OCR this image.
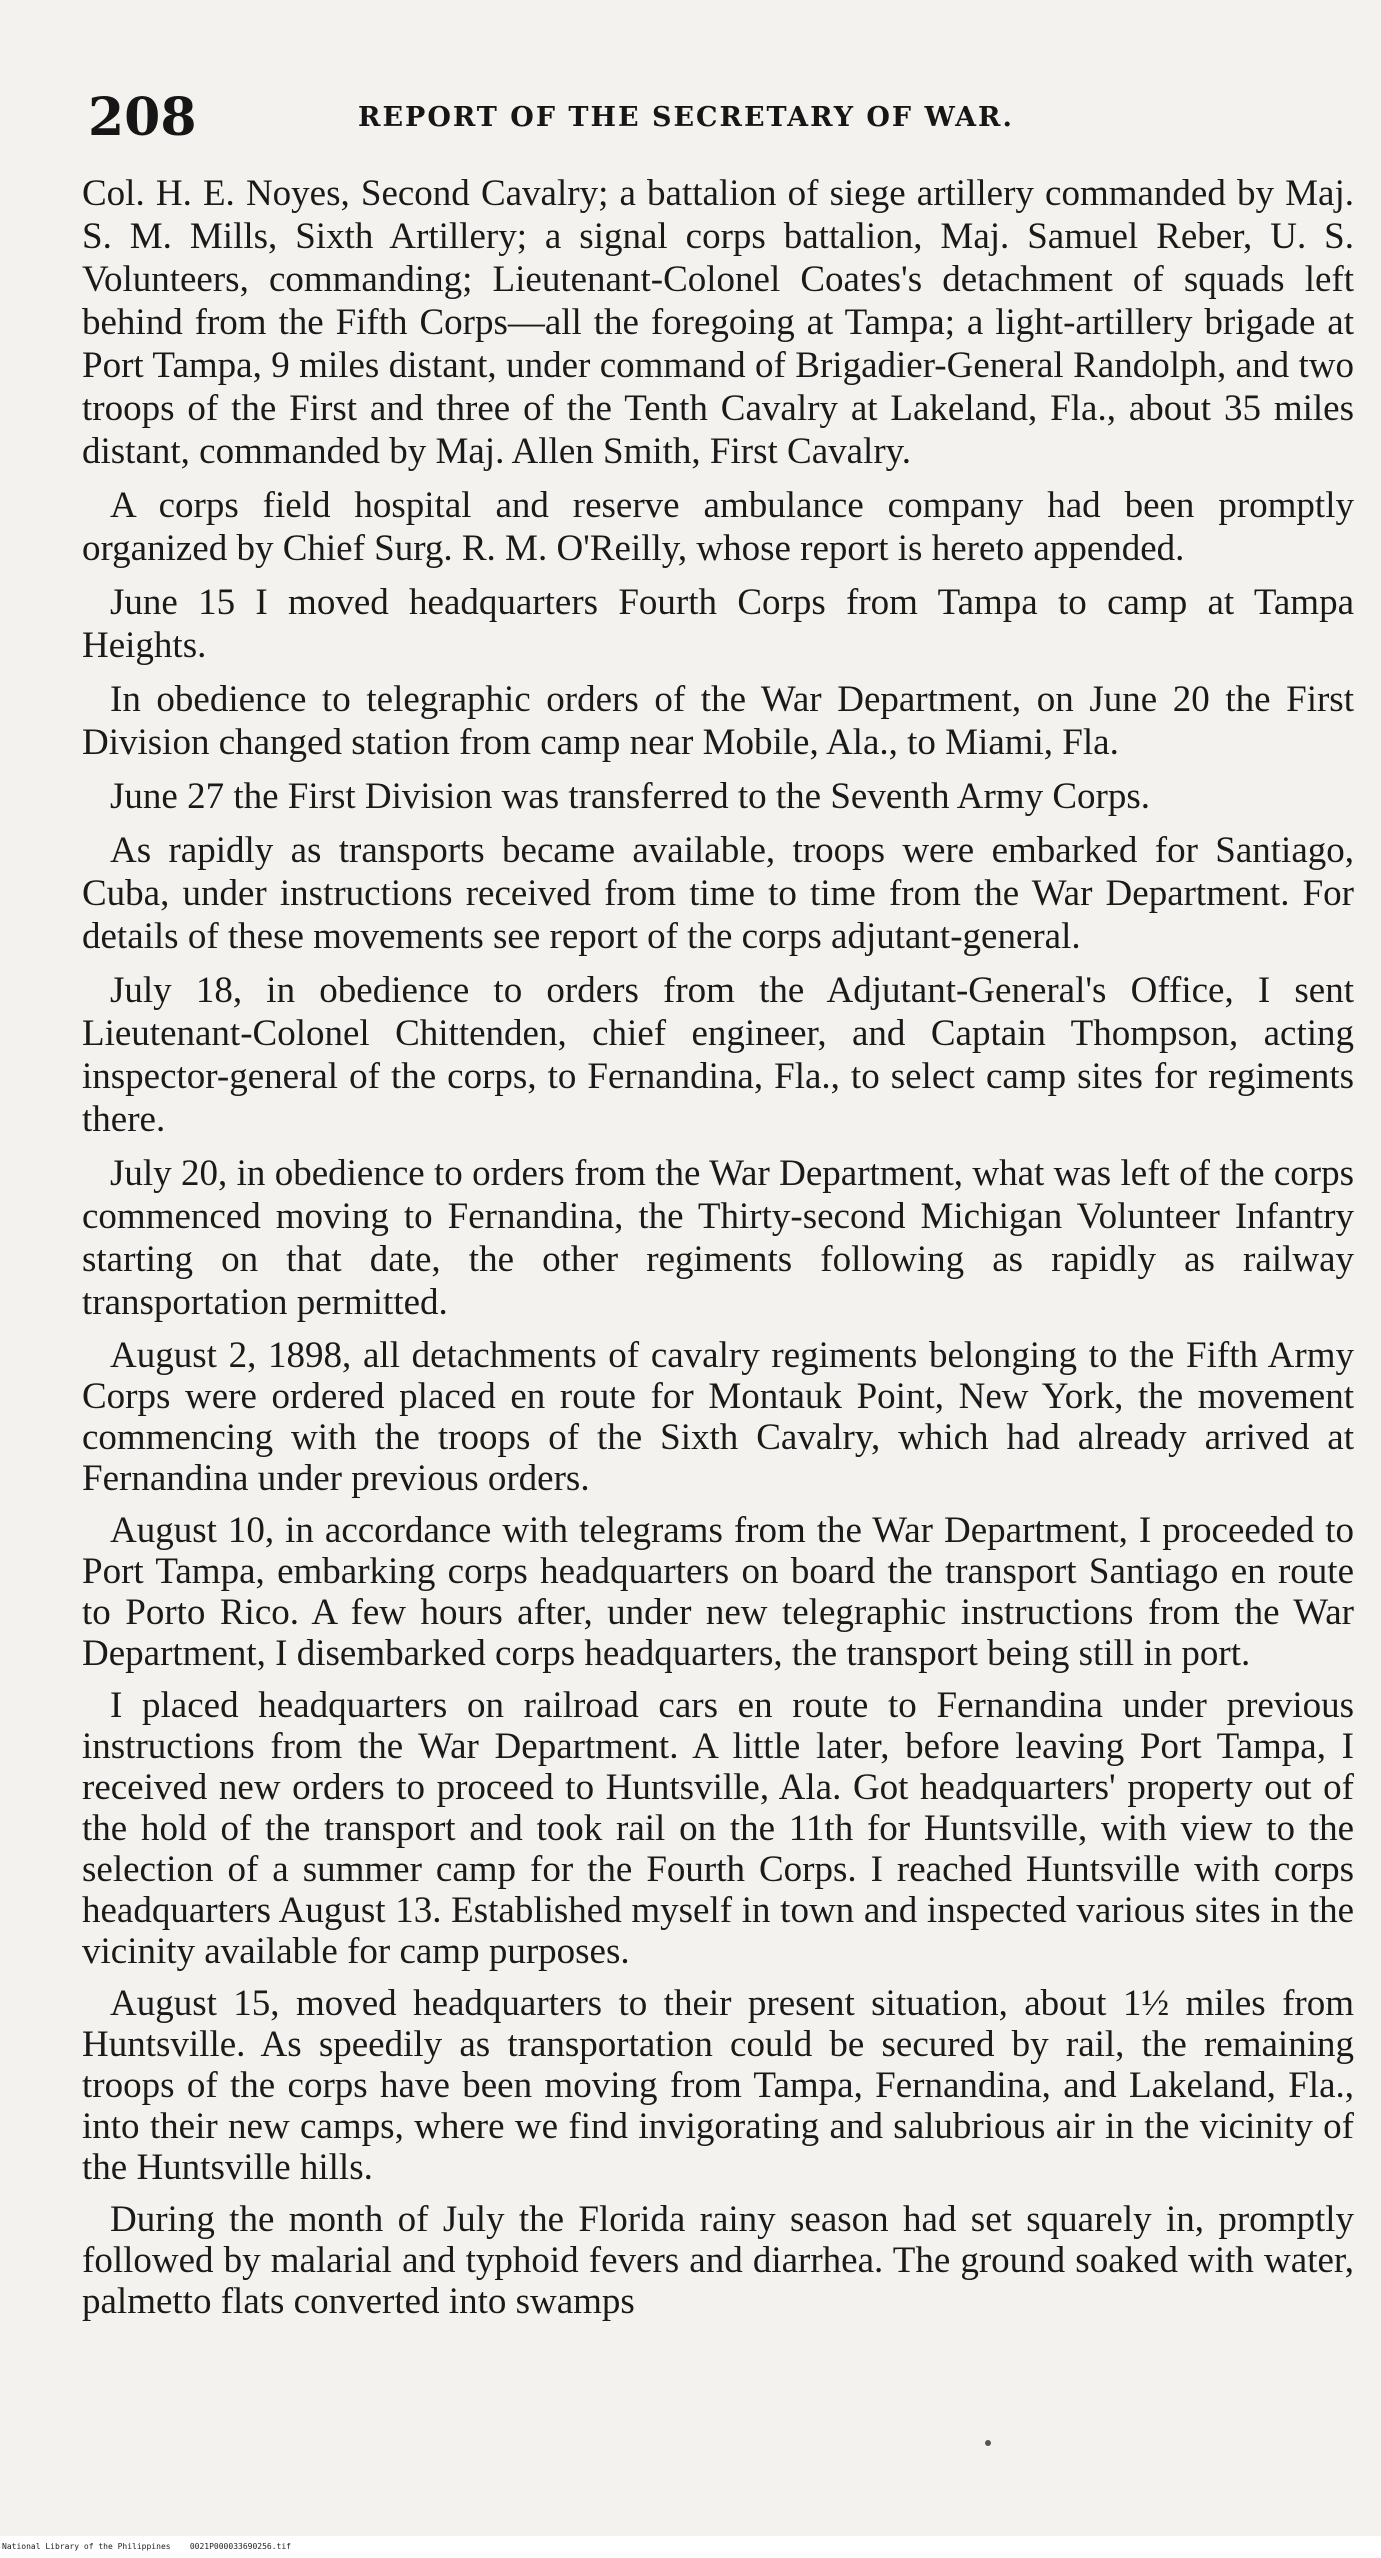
208	REPORT OF THE SECRETARY OF WAR.

Col. H. E. Noyes, Second Cavalry; a battalion of siege artillery commanded by Maj. S. M. Mills, Sixth Artillery; a signal corps battalion, Maj. Samuel Reber, U. S. Volunteers, commanding; Lieutenant-Colonel Coates's detachment of squads left behind from the Fifth Corps—all the foregoing at Tampa; a light-artillery brigade at Port Tampa, 9 miles distant, under command of Brigadier-General Randolph, and two troops of the First and three of the Tenth Cavalry at Lakeland, Fla., about 35 miles distant, commanded by Maj. Allen Smith, First Cavalry.

A corps field hospital and reserve ambulance company had been promptly organized by Chief Surg. R. M. O'Reilly, whose report is hereto appended.

June 15 I moved headquarters Fourth Corps from Tampa to camp at Tampa Heights.

In obedience to telegraphic orders of the War Department, on June 20 the First Division changed station from camp near Mobile, Ala., to Miami, Fla.

June 27 the First Division was transferred to the Seventh Army Corps.

As rapidly as transports became available, troops were embarked for Santiago, Cuba, under instructions received from time to time from the War Department. For details of these movements see report of the corps adjutant-general.

July 18, in obedience to orders from the Adjutant-General's Office, I sent Lieutenant-Colonel Chittenden, chief engineer, and Captain Thompson, acting inspector-general of the corps, to Fernandina, Fla., to select camp sites for regiments there.

July 20, in obedience to orders from the War Department, what was left of the corps commenced moving to Fernandina, the Thirty-second Michigan Volunteer Infantry starting on that date, the other regiments following as rapidly as railway transportation permitted.

August 2, 1898, all detachments of cavalry regiments belonging to the Fifth Army Corps were ordered placed en route for Montauk Point, New York, the movement commencing with the troops of the Sixth Cavalry, which had already arrived at Fernandina under previous orders.

August 10, in accordance with telegrams from the War Department, I proceeded to Port Tampa, embarking corps headquarters on board the transport Santiago en route to Porto Rico. A few hours after, under new telegraphic instructions from the War Department, I disembarked corps headquarters, the transport being still in port.

I placed headquarters on railroad cars en route to Fernandina under previous instructions from the War Department. A little later, before leaving Port Tampa, I received new orders to proceed to Huntsville, Ala. Got headquarters' property out of the hold of the transport and took rail on the 11th for Huntsville, with view to the selection of a summer camp for the Fourth Corps. I reached Huntsville with corps headquarters August 13. Established myself in town and inspected various sites in the vicinity available for camp purposes.

August 15, moved headquarters to their present situation, about 1½ miles from Huntsville. As speedily as transportation could be secured by rail, the remaining troops of the corps have been moving from Tampa, Fernandina, and Lakeland, Fla., into their new camps, where we find invigorating and salubrious air in the vicinity of the Huntsville hills.

During the month of July the Florida rainy season had set squarely in, promptly followed by malarial and typhoid fevers and diarrhea. The ground soaked with water, palmetto flats converted into swamps

National Library of the Philippines    0021P000033690256.tif
